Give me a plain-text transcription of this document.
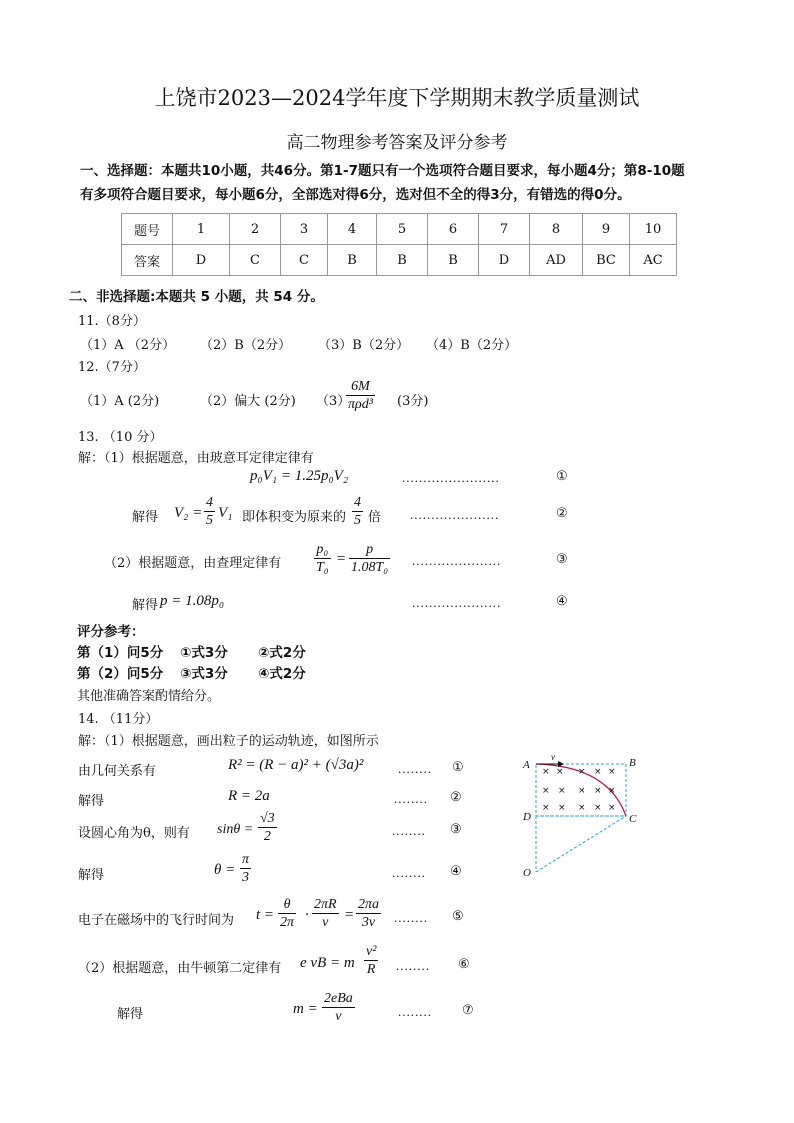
上饶市2023—2024学年度下学期期末教学质量测试
高二物理参考答案及评分参考
一、选择题：本题共10小题，共46分。第1-7题只有一个选项符合题目要求，每小题4分；第8-10题
有多项符合题目要求，每小题6分，全部选对得6分，选对但不全的得3分，有错选的得0分。
题号	1	2	3	4	5	6	7	8	9	10
答案	D	C	C	B	B	B	D	AD	BC	AC
二、非选择题:本题共 5 小题，共 54 分。
11.（8分）
（1）A （2分） （2）B（2分） （3）B（2分） （4）B（2分）
12.（7分）
（1）A (2分)	（2）偏大 (2分) （3）
$\frac{6M}{\text{πρd³}} (3$分)
13. （10 分）
解：（1）根据题意，由玻意耳定律定律有
p₀V₁ = 1.25p₀V₂	.......................	①
解得 $V_2 = \frac{4}{5} V_1$ 即体积变为原来的 $\frac{4}{5}$ 倍 .....................	②
（2）根据题意，由查理定律有 $\frac{\text{p₀}}{\text{T₀}} = \frac{p}{\text{1.08T₀}}$ .....................	③
解得 p = 1.08p₀	.....................	④
评分参考：
第（1）问5分 ①式3分 ②式2分
第（2）问5分 ③式3分 ④式2分
其他准确答案酌情给分。
14. （11分）
解：（1）根据题意，画出粒子的运动轨迹，如图所示
由几何关系有	R² = (R − a)² + (√3a)²	........ ①
解得	R = 2a	........ ②
设圆心角为θ，则有 $\sin\theta = \frac{√3}{2}$	........ ③
解得	$\theta = \frac{\pi}{3}$	........ ④
电子在磁场中的飞行时间为 $t = \frac{\theta}{2\pi} \cdot \frac{2\pi R}{v} = \frac{2\pi a}{3v}$ ........ ⑤
（2）根据题意，由牛顿第二定律有 e vB = m $\frac{\text{v²}}{R}$ ........ ⑥
解得	$m = \frac{\text{2eBa}}{v}$	........ ⑦
× × × × ×
× × × × ×
× × × × ×
A	B
C
D
O
v
